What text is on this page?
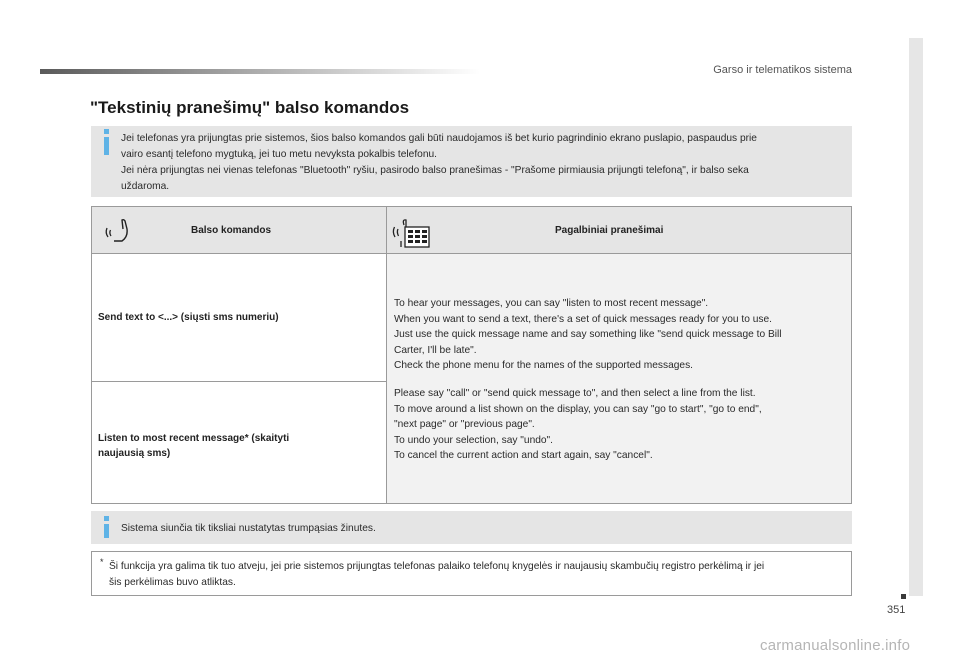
Garso ir telematikos sistema
"Tekstinių pranešimų" balso komandos

Jei telefonas yra prijungtas prie sistemos, šios balso komandos gali būti naudojamos iš bet kurio pagrindinio ekrano puslapio, paspaudus prie

vairo esantį telefono mygtuką, jei tuo metu nevyksta pokalbis telefonu.

Jei nėra prijungtas nei vienas telefonas "Bluetooth" ryšiu, pasirodo balso pranešimas - "Prašome pirmiausia prijungti telefoną", ir balso seka

uždaroma.

Balso komandos	Pagalbiniai pranešimai
Send text to <...> (siųsti sms numeriu)
Listen to most recent message* (skaityti
naujausią sms)
To hear your messages, you can say "listen to most recent message".
When you want to send a text, there's a set of quick messages ready for you to use.
Just use the quick message name and say something like "send quick message to Bill
Carter, I'll be late".
Check the phone menu for the names of the supported messages.
Please say "call" or "send quick message to", and then select a line from the list.
To move around a list shown on the display, you can say "go to start", "go to end",
"next page" or "previous page".
To undo your selection, say "undo".
To cancel the current action and start again, say "cancel".

Sistema siunčia tik tiksliai nustatytas trumpąsias žinutes.

* Ši funkcija yra galima tik tuo atveju, jei prie sistemos prijungtas telefonas palaiko telefonų knygelės ir naujausių skambučių registro perkėlimą ir jei
šis perkėlimas buvo atliktas.
351
carmanualsonline.info
